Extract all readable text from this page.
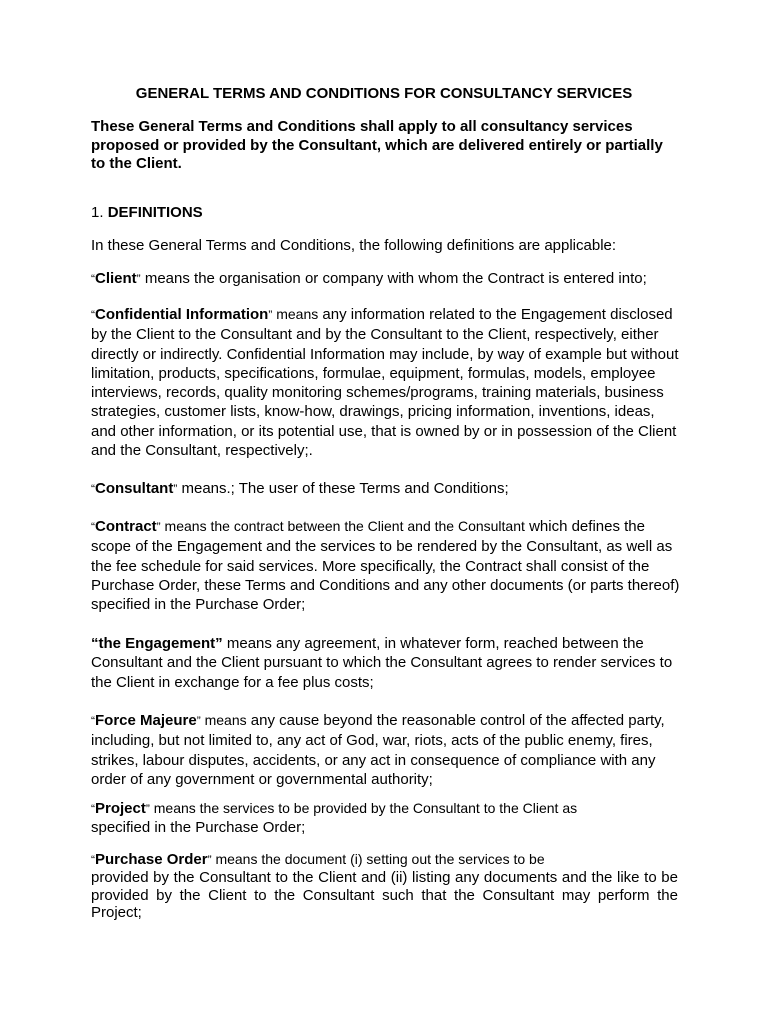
GENERAL TERMS AND CONDITIONS FOR CONSULTANCY SERVICES

These General Terms and Conditions shall apply to all consultancy services proposed or provided by the Consultant, which are delivered entirely or partially to the Client.

1. DEFINITIONS

In these General Terms and Conditions, the following definitions are applicable:

“Client” means the organisation or company with whom the Contract is entered into;

“Confidential Information” means any information related to the Engagement disclosed by the Client to the Consultant and by the Consultant to the Client, respectively, either directly or indirectly. Confidential Information may include, by way of example but without limitation, products, specifications, formulae, equipment, formulas, models, employee interviews, records, quality monitoring schemes/programs, training materials, business strategies, customer lists, know-how, drawings, pricing information, inventions, ideas, and other information, or its potential use, that is owned by or in possession of the Client and the Consultant, respectively;.

“Consultant” means.; The user of these Terms and Conditions;

“Contract” means the contract between the Client and the Consultant which defines the scope of the Engagement and the services to be rendered by the Consultant, as well as the fee schedule for said services. More specifically, the Contract shall consist of the Purchase Order, these Terms and Conditions and any other documents (or parts thereof) specified in the Purchase Order;

“the Engagement” means any agreement, in whatever form, reached between the Consultant and the Client pursuant to which the Consultant agrees to render services to the Client in exchange for a fee plus costs;

“Force Majeure” means any cause beyond the reasonable control of the affected party, including, but not limited to, any act of God, war, riots, acts of the public enemy, fires, strikes, labour disputes, accidents, or any act in consequence of compliance with any order of any government or governmental authority;

“Project” means the services to be provided by the Consultant to the Client as
specified in the Purchase Order;
“Purchase Order” means the document (i) setting out the services to be
provided by the Consultant to the Client and (ii) listing any documents and the like to be provided by the Client to the Consultant such that the Consultant may perform the Project;
